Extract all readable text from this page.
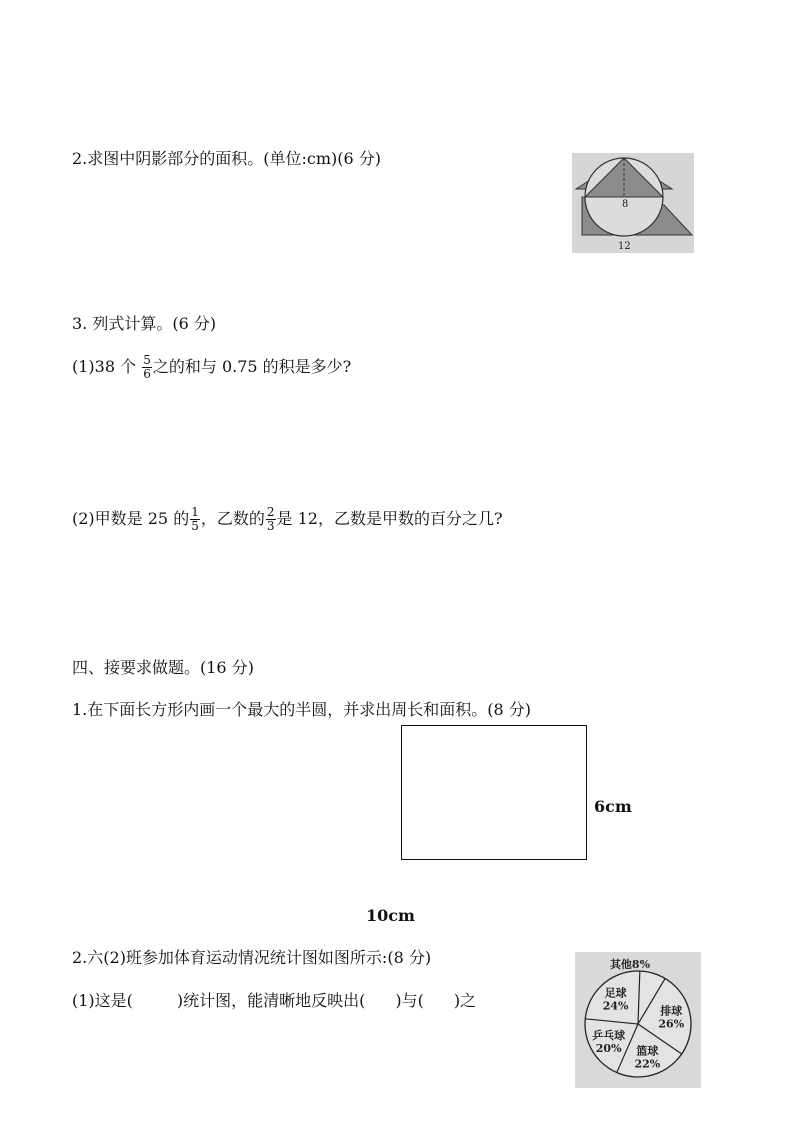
2.求图中阴影部分的面积。(单位:cm)(6 分)
8
12
3. 列式计算。(6 分)
(1)38 个 $\frac{5}{6}$ 之的和与 0.75 的积是多少?
(2)甲数是 25 的 $\frac{1}{5}$ ，乙数的 $\frac{2}{3}$ 是 12，乙数是甲数的百分之几?
四、接要求做题。(16 分)
1.在下面长方形内画一个最大的半圆，并求出周长和面积。(8 分)
6cm
10cm
2.六(2)班参加体育运动情况统计图如图所示:(8 分)
(1)这是(	)统计图，能清晰地反映出( )与( )之
其他8%
排球
26%
篮球
22%
乒乓球
20%
足球
24%
